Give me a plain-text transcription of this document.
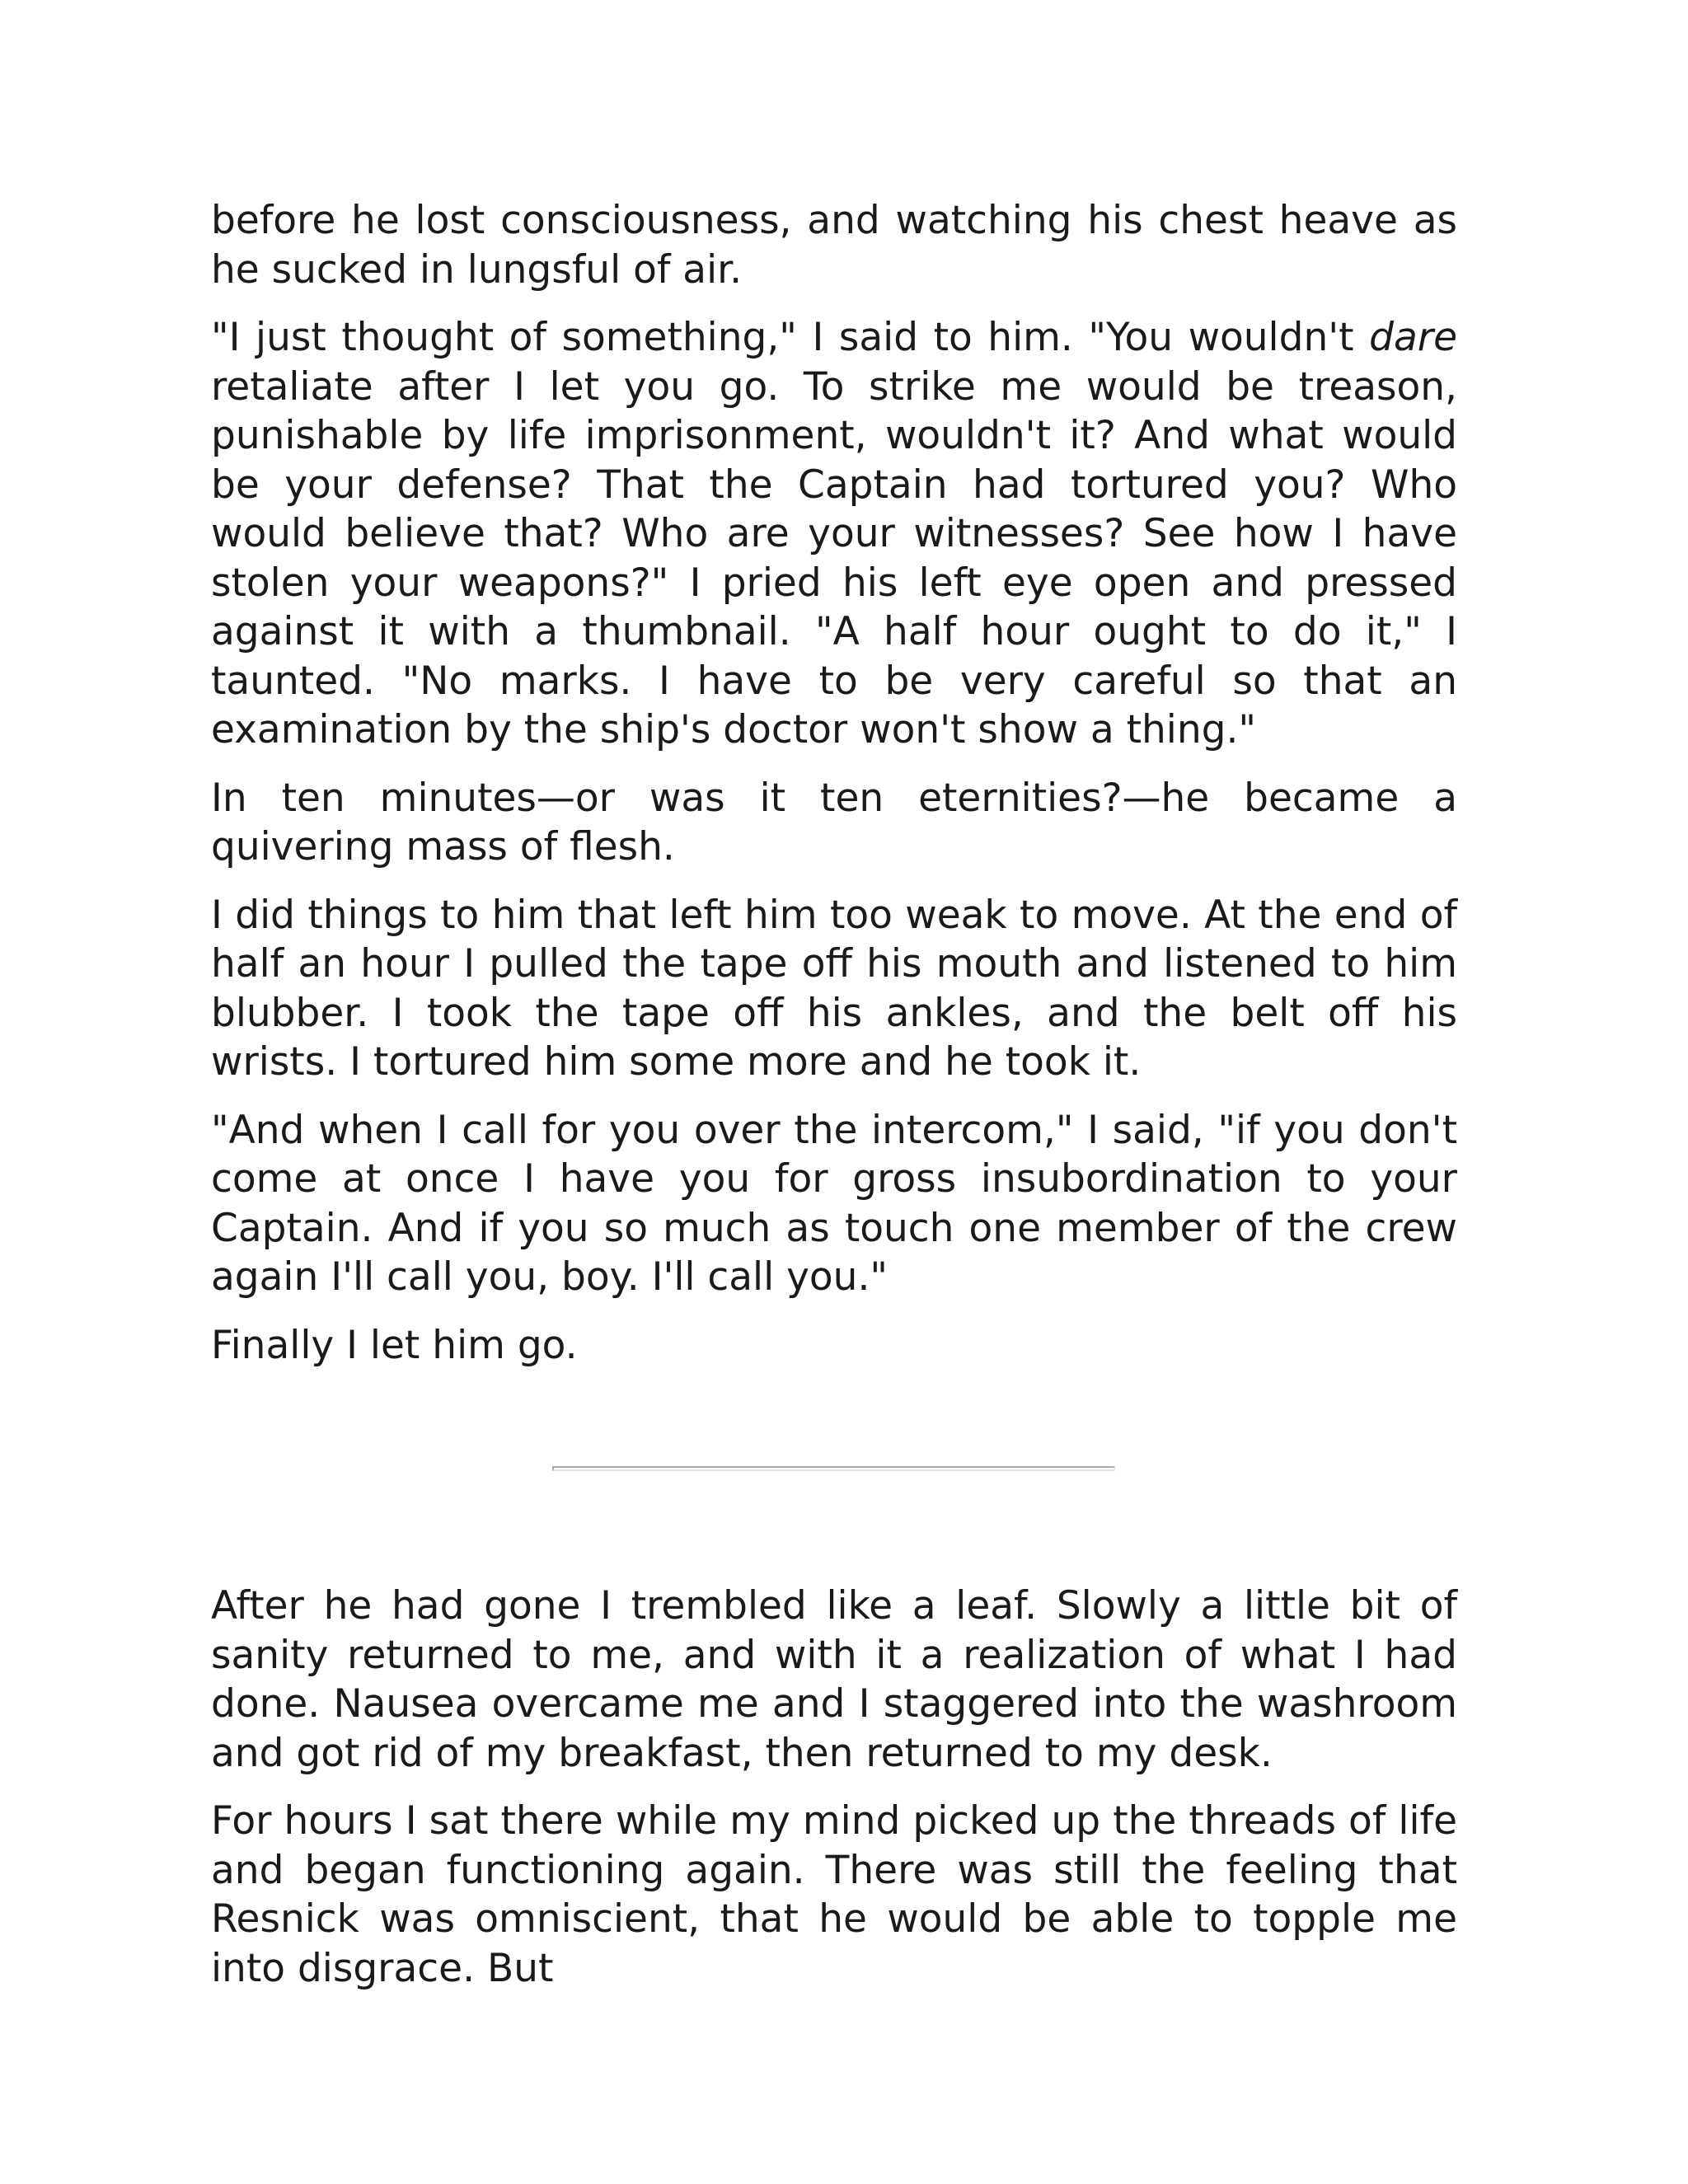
before he lost consciousness, and watching his chest heave as he sucked in lungsful of air.

"I just thought of something," I said to him. "You wouldn't dare retaliate after I let you go. To strike me would be treason, punishable by life imprisonment, wouldn't it? And what would be your defense? That the Captain had tortured you? Who would believe that? Who are your witnesses? See how I have stolen your weapons?" I pried his left eye open and pressed against it with a thumbnail. "A half hour ought to do it," I taunted. "No marks. I have to be very careful so that an examination by the ship's doctor won't show a thing."

In ten minutes—or was it ten eternities?—he became a quivering mass of flesh.

I did things to him that left him too weak to move. At the end of half an hour I pulled the tape off his mouth and listened to him blubber. I took the tape off his ankles, and the belt off his wrists. I tortured him some more and he took it.

"And when I call for you over the intercom," I said, "if you don't come at once I have you for gross insubordination to your Captain. And if you so much as touch one member of the crew again I'll call you, boy. I'll call you."

Finally I let him go.

After he had gone I trembled like a leaf. Slowly a little bit of sanity returned to me, and with it a realization of what I had done. Nausea overcame me and I staggered into the washroom and got rid of my breakfast, then returned to my desk.

For hours I sat there while my mind picked up the threads of life and began functioning again. There was still the feeling that Resnick was omniscient, that he would be able to topple me into disgrace. But
